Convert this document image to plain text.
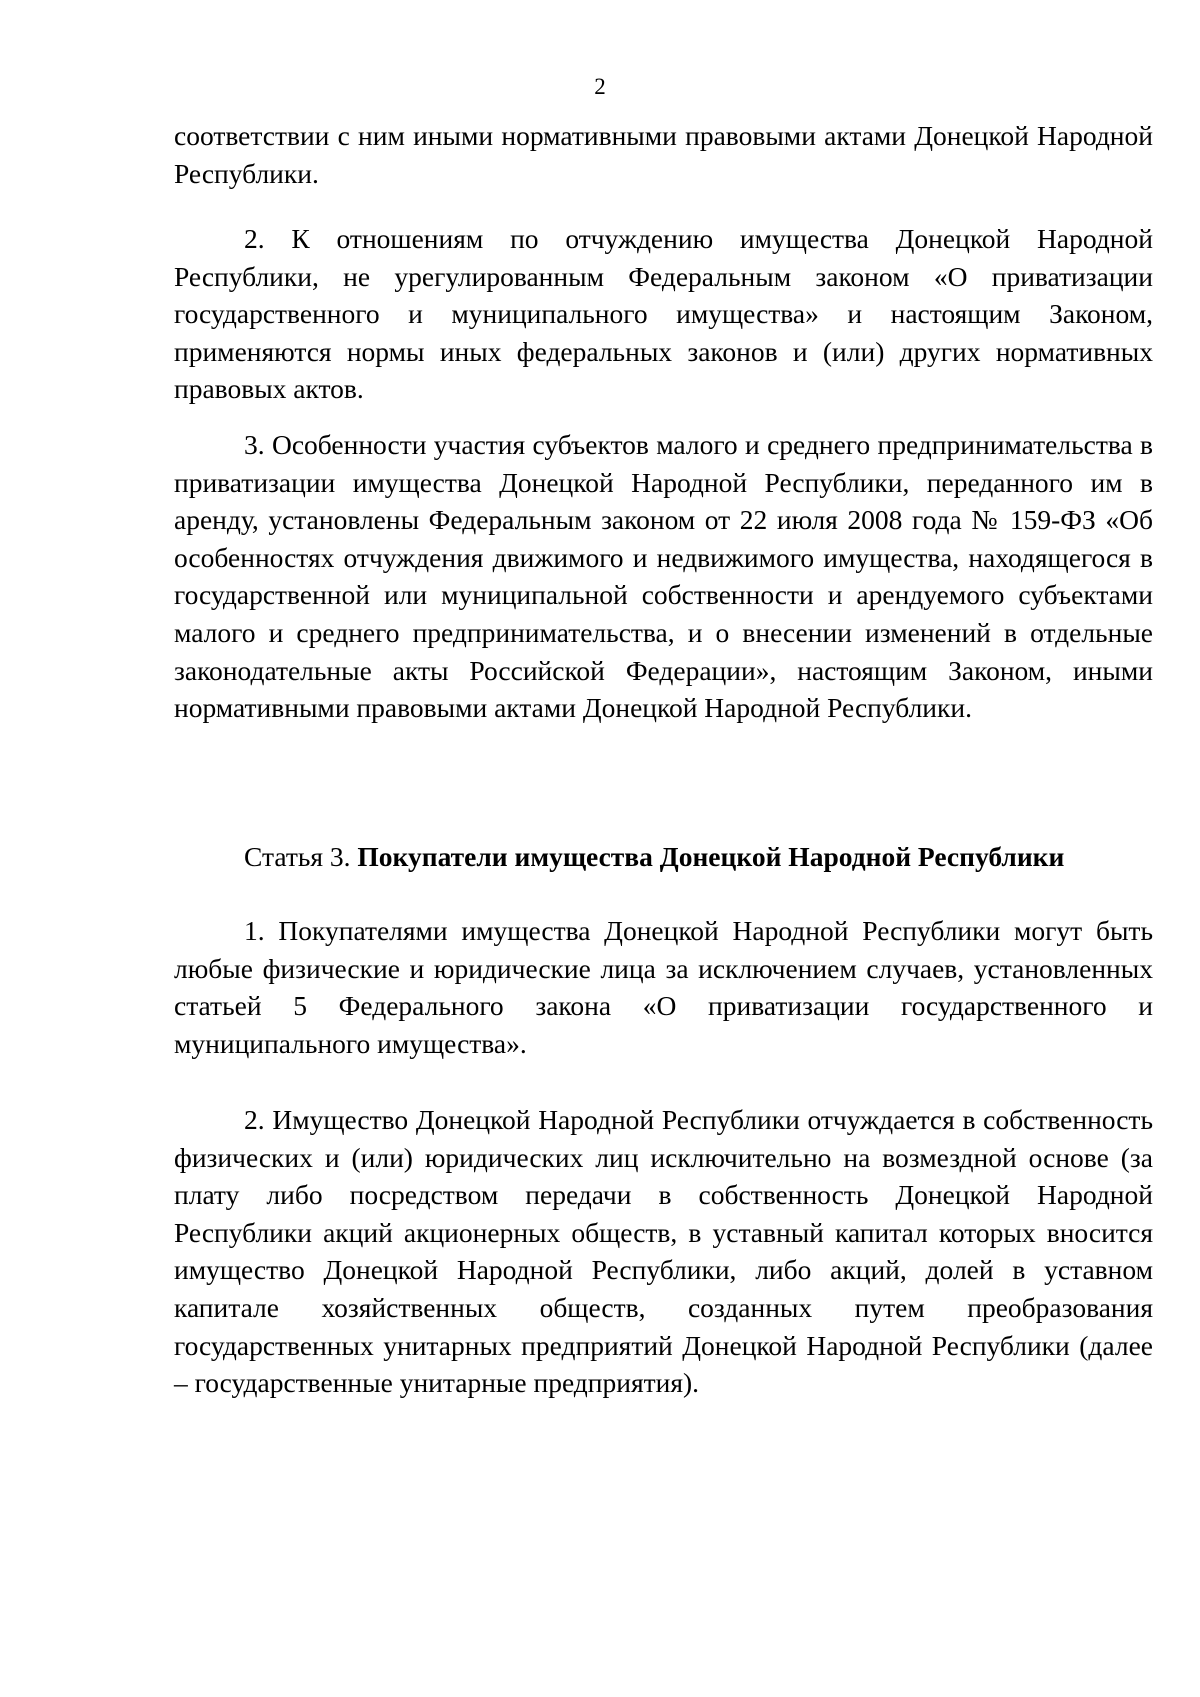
2

соответствии с ним иными нормативными правовыми актами Донецкой Народной Республики.

2. К отношениям по отчуждению имущества Донецкой Народной Республики, не урегулированным Федеральным законом «О приватизации государственного и муниципального имущества» и настоящим Законом, применяются нормы иных федеральных законов и (или) других нормативных правовых актов.

3. Особенности участия субъектов малого и среднего предпринимательства в приватизации имущества Донецкой Народной Республики, переданного им в аренду, установлены Федеральным законом от 22 июля 2008 года № 159-ФЗ «Об особенностях отчуждения движимого и недвижимого имущества, находящегося в государственной или муниципальной собственности и арендуемого субъектами малого и среднего предпринимательства, и о внесении изменений в отдельные законодательные акты Российской Федерации», настоящим Законом, иными нормативными правовыми актами Донецкой Народной Республики.

Статья 3. Покупатели имущества Донецкой Народной Республики

1. Покупателями имущества Донецкой Народной Республики могут быть любые физические и юридические лица за исключением случаев, установленных статьей 5 Федерального закона «О приватизации государственного и муниципального имущества».

2. Имущество Донецкой Народной Республики отчуждается в собственность физических и (или) юридических лиц исключительно на возмездной основе (за плату либо посредством передачи в собственность Донецкой Народной Республики акций акционерных обществ, в уставный капитал которых вносится имущество Донецкой Народной Республики, либо акций, долей в уставном капитале хозяйственных обществ, созданных путем преобразования государственных унитарных предприятий Донецкой Народной Республики (далее – государственные унитарные предприятия).
